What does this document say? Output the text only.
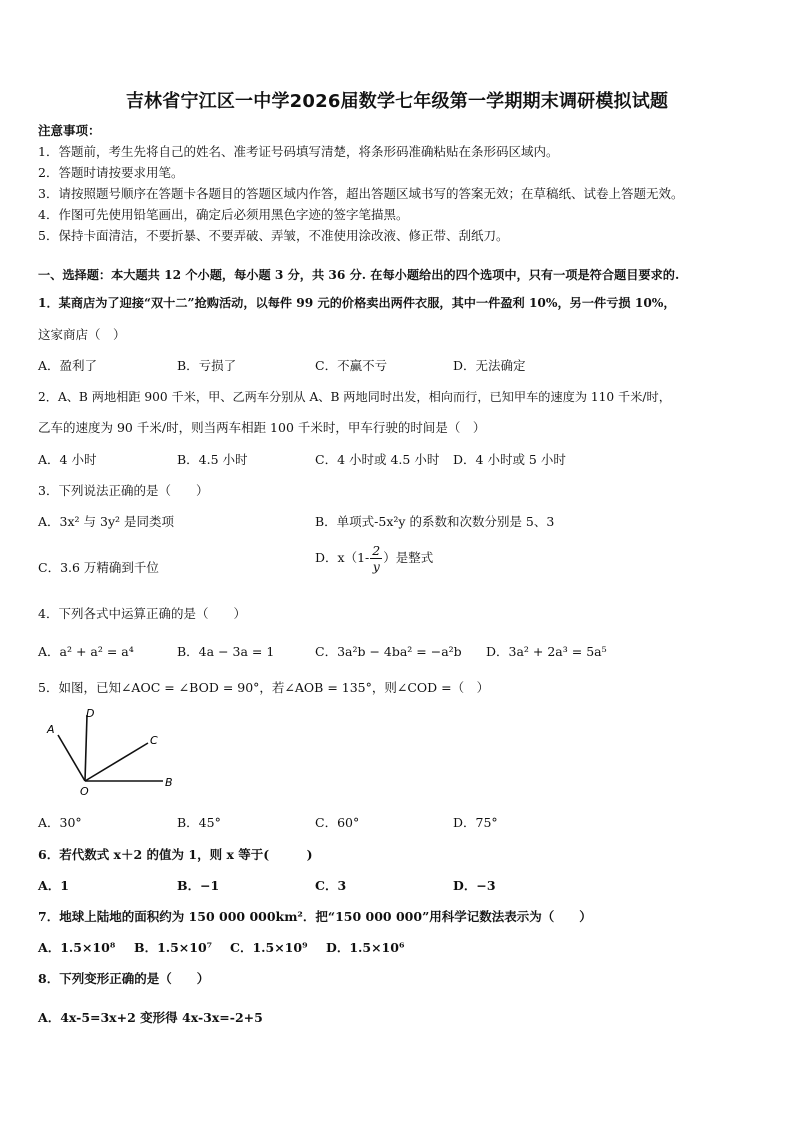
吉林省宁江区一中学2026届数学七年级第一学期期末调研模拟试题
注意事项：
1．答题前，考生先将自己的姓名、准考证号码填写清楚，将条形码准确粘贴在条形码区域内。
2．答题时请按要求用笔。
3．请按照题号顺序在答题卡各题目的答题区域内作答，超出答题区域书写的答案无效；在草稿纸、试卷上答题无效。
4．作图可先使用铅笔画出，确定后必须用黑色字迹的签字笔描黑。
5．保持卡面清洁，不要折暴、不要弄破、弄皱，不准使用涂改液、修正带、刮纸刀。
一、选择题：本大题共 12 个小题，每小题 3 分，共 36 分. 在每小题给出的四个选项中，只有一项是符合题目要求的.
1．某商店为了迎接“双十二”抢购活动，以每件 99 元的价格卖出两件衣服，其中一件盈利 10%，另一件亏损 10%，
这家商店（　）
A．盈利了	B．亏损了	C．不赢不亏	D．无法确定
2．A、B 两地相距 900 千米，甲、乙两车分别从 A、B 两地同时出发，相向而行，已知甲车的速度为 110 千米/时，
乙车的速度为 90 千米/时，则当两车相距 100 千米时，甲车行驶的时间是（　）
A．4 小时	B．4.5 小时	C．4 小时或 4.5 小时 D．4 小时或 5 小时
3．下列说法正确的是（　　）
A．3x² 与 3y² 是同类项	B．单项式-5x²y 的系数和次数分别是 5、3
C．3.6 万精确到千位
D．$x(1- \frac{2}{y}$ ）是整式
4．下列各式中运算正确的是（　　）
A．a² + a² = a⁴	B．4a − 3a = 1	C．3a²b − 4ba² = −a²b D．3a² + 2a³ = 5a⁵
5．如图，已知∠AOC = ∠BOD = 90°，若∠AOB = 135°，则∠COD =（　）
A
D
C
B
O
A．30°	B．45°	C．60°	D．75°
6．若代数式 x＋2 的值为 1，则 x 等于(　　　)
A．1	B．−1	C．3	D．−3
7．地球上陆地的面积约为 150 000 000km²．把“150 000 000”用科学记数法表示为（　　）
A．1.5×10⁸ B．1.5×10⁷ C．1.5×10⁹ D．1.5×10⁶
8．下列变形正确的是（　　）
A．4x-5=3x+2 变形得 4x-3x=-2+5
